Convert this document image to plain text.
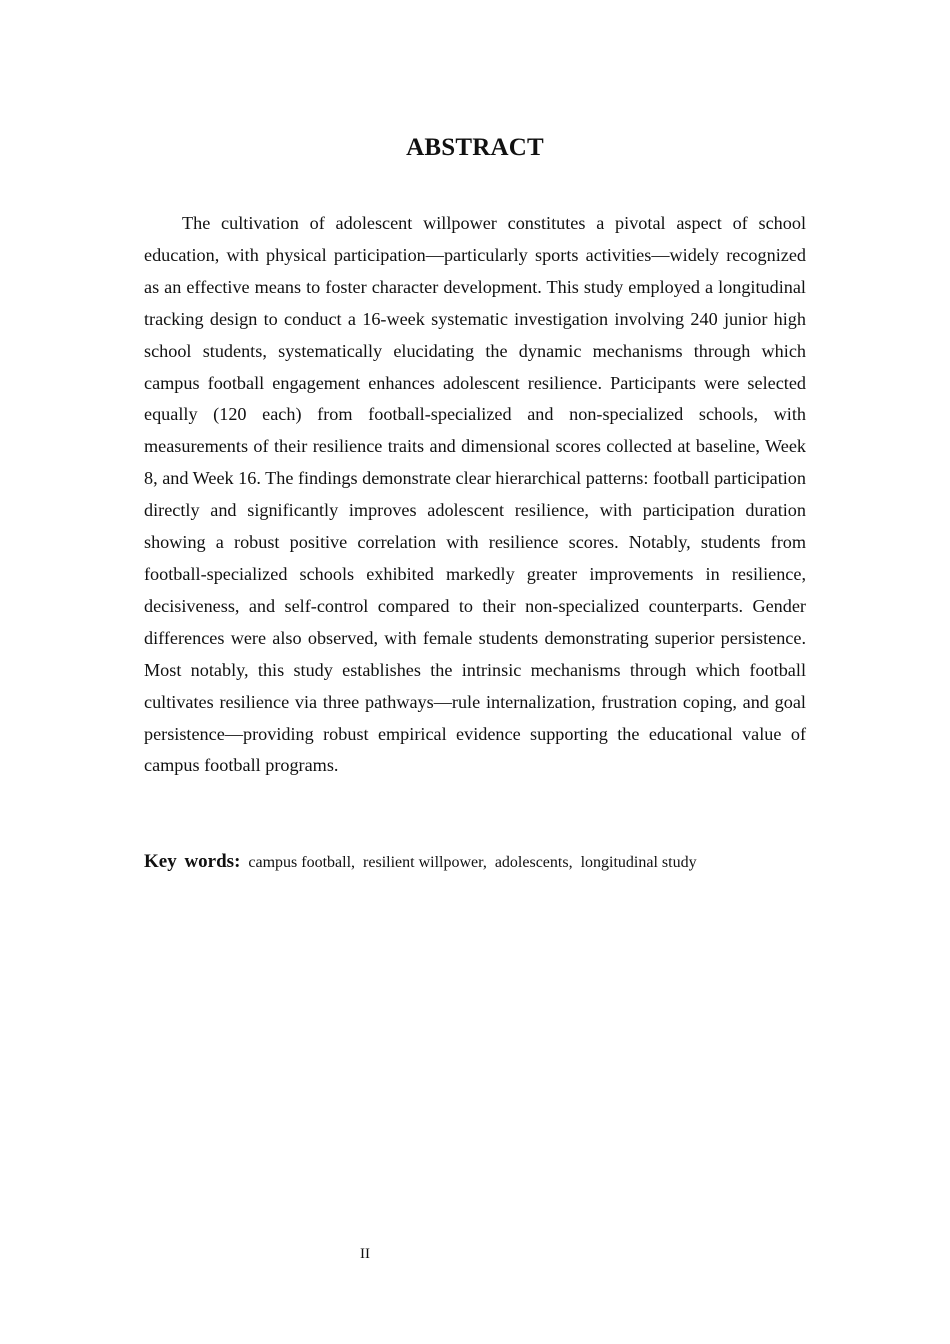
ABSTRACT

The cultivation of adolescent willpower constitutes a pivotal aspect of school education, with physical participation—particularly sports activities—widely recognized as an effective means to foster character development. This study employed a longitudinal tracking design to conduct a 16-week systematic investigation involving 240 junior high school students, systematically elucidating the dynamic mechanisms through which campus football engagement enhances adolescent resilience. Participants were selected equally (120 each) from football-specialized and non-specialized schools, with measurements of their resilience traits and dimensional scores collected at baseline, Week 8, and Week 16. The findings demonstrate clear hierarchical patterns: football participation directly and significantly improves adolescent resilience, with participation duration showing a robust positive correlation with resilience scores. Notably, students from football-specialized schools exhibited markedly greater improvements in resilience, decisiveness, and self-control compared to their non-specialized counterparts. Gender differences were also observed, with female students demonstrating superior persistence. Most notably, this study establishes the intrinsic mechanisms through which football cultivates resilience via three pathways—rule internalization, frustration coping, and goal persistence—providing robust empirical evidence supporting the educational value of campus football programs.

Key words: campus football, resilient willpower, adolescents, longitudinal study

II
